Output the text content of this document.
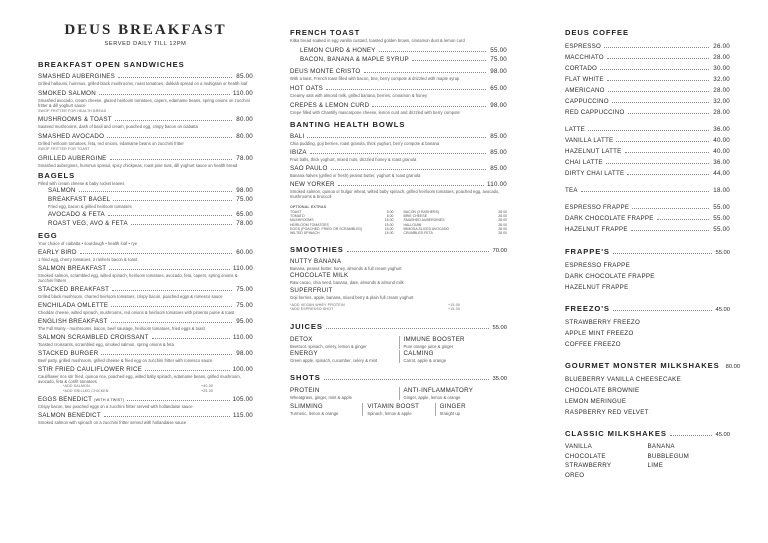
DEUS BREAKFAST
SERVED DAILY TILL 12PM
BREAKFAST OPEN SANDWICHES
SMASHED AUBERGINES	85.00
Grilled halloumi, hummus, grilled black mushrooms, roast tomatoes, dukkah spread on a multigrain or health loaf
SMOKED SALMON	110.00
Smashed avocado, cream cheese, glazed heirloom tomatoes, capers, edamame beans, spring onions on zucchini fritter & dill yoghurt sauce
SWOP FRITTER FOR HEALTH BREAD
MUSHROOMS & TOAST	80.00
Sauteed mushrooms, dash of basil and cream, poached egg, crispy bacon on ciabatta
SMASHED AVOCADO	80.00
Grilled heirloom tomatoes, feta, red onions, edamame beans on zucchini fritter
SWOP FRITTER FOR TOAST
GRILLED AUBERGINE	78.00
Smashed aubergines, hummus spread, spicy chickpeas, roast pine nuts, dill yoghurt sauce on health bread
BAGELS
Filled with cream cheese & baby rocket leaves
SALMON	98.00
BREAKFAST BAGEL	75.00
Fried egg, bacon & grilled heirloom tomatoes
AVOCADO & FETA	65.00
ROAST VEG, AVO & FETA	78.00
EGG
Your choice of ciabatta • sourdough • health loaf • rye
EARLY BIRD	60.00
1 fried egg, cherry tomatoes, 2 rashers bacon & toast
SALMON BREAKFAST	110.00
Smoked salmon, scrambled egg, wilted spinach, heirloom tomatoes, avocado, feta, capers, spring onions & zucchini fritters
STACKED BREAKFAST	75.00
Grilled black mushroom, charred heirloom tomatoes, crispy bacon, poached eggs & romesco sauce
ENCHILADA OMLETTE	75.00
Cheddar cheese, wilted spinach, mushrooms, red onions & heirloom tomatoes with pimento puree & toast
ENGLISH BREAKFAST	95.00
The Full Monty - mushrooms, bacon, beef sausage, heirloom tomatoes, fried eggs & toast
SALMON SCRAMBLED CROISSANT	110.00
Toasted croissants, scrambled egg, smoked salmon, spring onions & feta
STACKED BURGER	98.00
Beef patty, grilled mushroom, grilled cheese & fried egg on zucchini fritter with romesco sauce
STIR FRIED CAULIFLOWER RICE	100.00
Cauliflower rice stir fried, quinoa rice, poached egg, wilted baby spinach, edamame beans, grilled mushroom, avocado, feta & confit tomatoes
*ADD SALMON	+40.00
*ADD GRILLED CHICKEN	+25.00
EGGS BENEDICT (WITH A TWIST)	105.00
Crispy bacon, two poached eggs on a zucchini fritter served with hollandaise sauce
SALMON BENEDICT	115.00
Smoked salmon with spinach on a zucchini fritter served with hollandaise sauce
FRENCH TOAST
Kitka bread soaked in egg vanilla custard, toasted golden brown, cinnamon dust & lemon curd
LEMON CURD & HONEY	55.00
BACON, BANANA & MAPLE SYRUP	75.00
DEUS MONTE CRISTO	98.00
With a twist, French toast filled with bacon, brie, berry compote & drizzled with maple syrup
HOT OATS	65.00
Creamy oats with almond milk, grilled banana, berries, cinnamon & honey
CREPES & LEMON CURD	98.00
Crepe filled with Chantilly mascarpone cheese, lemon curd and drizzled with berry compote
BANTING HEALTH BOWLS
BALI	85.00
Chia pudding, goji berries, roast granola, thick yoghurt, berry compote & banana
IBIZA	85.00
Fruit balls, thick yoghurt, mixed nuts, drizzled honey & roast granola
SAO PAULO	85.00
Banana halves (grilled or fresh) peanut butter, yoghurt & roast granola
NEW YORKER	110.00
Smoked salmon, quinoa or bulgur wheat, wilted baby spinach, grilled heirloom tomatoes, poached egg, avocado, mushrooms & broccoli
OPTIONAL EXTRAS
TOAST	5.00
TOMATO	5.00
MUSHROOMS	15.00
HEIRLOOM TOMATOES	15.00
EGGS (POACHED, FRIED OR SCRAMBLED)	15.00
WILTED SPINACH	15.00
BACON (3 RASHERS)	28.00
BRIE CHEESE	28.00
SMASHED AUBERGINES	28.00
HALLOUMI	28.00
MIMOSA SLICED AVOCADO	28.00
CRUMBLED FETA	28.00
SMOOTHIES	70.00
NUTTY BANANA
Banana, peanut butter, honey, almonds & full cream yoghurt
CHOCOLATE MILK
Raw cacao, chia seed, banana, date, almonds & almond milk
SUPERFRUIT
Goji berries, apple, banana, mixed berry & plain full cream yoghurt
*ADD VEGAN WHEY PROTEIN	+15.00
*ADD ESPRESSO SHOT	+15.00
JUICES	55.00
DETOX
Beetroot, spinach, celery, lemon & ginger
IMMUNE BOOSTER
Pure orange juice & ginger
ENERGY
Green apple, spinach, cucumber, celery & mint
CALMING
Carrot, apple & orange
SHOTS	35.00
PROTEIN
Wheatgrass, ginger, mint & apple
ANTI-INFLAMMATORY
Ginger, apple, lemon & orange
SLIMMING
Turmeric, lemon & orange
VITAMIN BOOST
Spinach, lemon & apple
GINGER
Straight up
DEUS COFFEE
ESPRESSO	26.00
MACCHIATO	28.00
CORTADO	30.00
FLAT WHITE	32.00
AMERICANO	28.00
CAPPUCCINO	32.00
RED CAPPUCCINO	28.00
LATTE	36.00
VANILLA LATTE	40.00
HAZELNUT LATTE	40.00
CHAI LATTE	36.00
DIRTY CHAI LATTE	44.00
TEA	18.00
ESPRESSO FRAPPE	55.00
DARK CHOCOLATE FRAPPE	55.00
HAZELNUT FRAPPE	55.00
FRAPPE'S	55.00
ESPRESSO FRAPPE
DARK CHOCOLATE FRAPPE
HAZELNUT FRAPPE
FREEZO'S	45.00
STRAWBERRY FREEZO
APPLE MINT FREEZO
COFFEE FREEZO
GOURMET MONSTER MILKSHAKES 80.00
BLUEBERRY VANILLA CHEESECAKE
CHOCOLATE BROWNIE
LEMON MERINGUE
RASPBERRY RED VELVET
CLASSIC MILKSHAKES	45.00
VANILLA
CHOCOLATE
STRAWBERRY
OREO
BANANA
BUBBLEGUM
LIME
